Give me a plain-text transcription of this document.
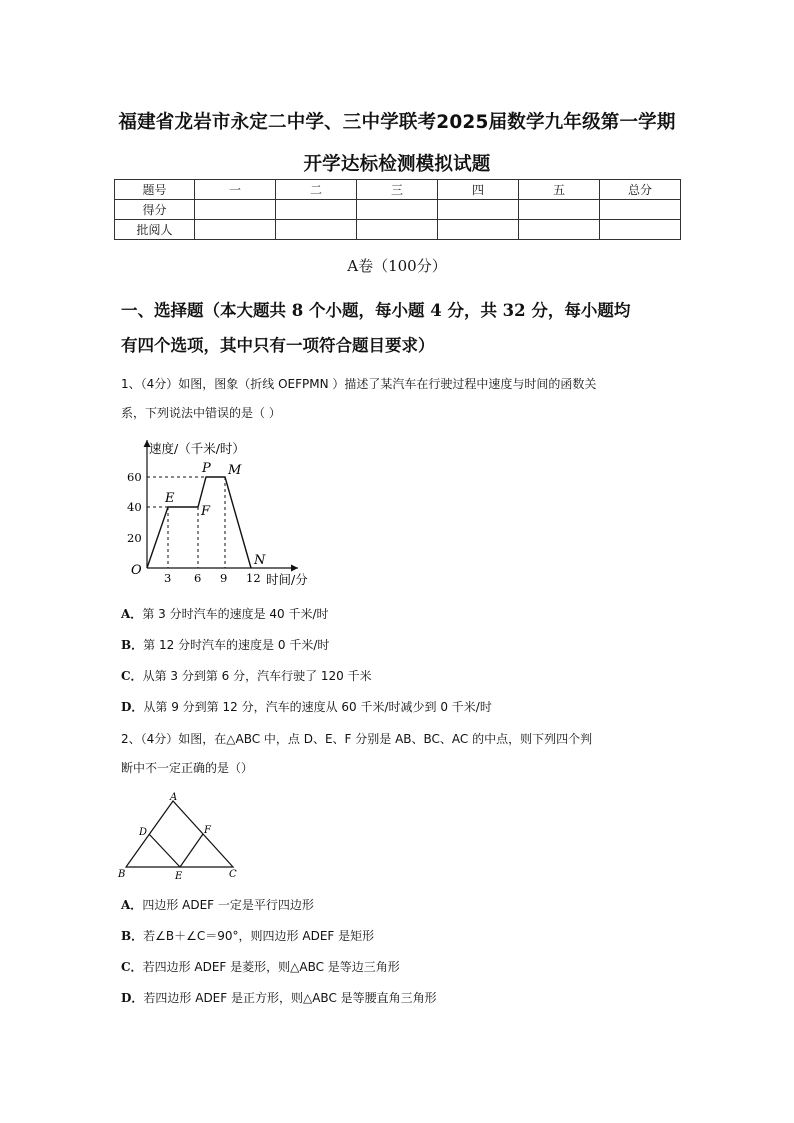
福建省龙岩市永定二中学、三中学联考2025届数学九年级第一学期
开学达标检测模拟试题
题号	一	二	三	四	五	总分
得分						
批阅人						
A卷（100分）
一、选择题（本大题共 8 个小题，每小题 4 分，共 32 分，每小题均
有四个选项，其中只有一项符合题目要求）
1、（4分）如图，图象（折线 OEFPMN ）描述了某汽车在行驶过程中速度与时间的函数关
系，下列说法中错误的是（ ）
速度/（千米/时）
时间/分
O
60
40
20
3 6 9 12
E
F
P M
N
A．第 3 分时汽车的速度是 40 千米/时
B．第 12 分时汽车的速度是 0 千米/时
C．从第 3 分到第 6 分，汽车行驶了 120 千米
D．从第 9 分到第 12 分，汽车的速度从 60 千米/时减少到 0 千米/时
2、（4分）如图，在△ABC 中，点 D、E、F 分别是 AB、BC、AC 的中点，则下列四个判
断中不一定正确的是（）
A
B	C
D
E
F
A．四边形 ADEF 一定是平行四边形
B．若∠B＋∠C＝90°，则四边形 ADEF 是矩形
C．若四边形 ADEF 是菱形，则△ABC 是等边三角形
D．若四边形 ADEF 是正方形，则△ABC 是等腰直角三角形
